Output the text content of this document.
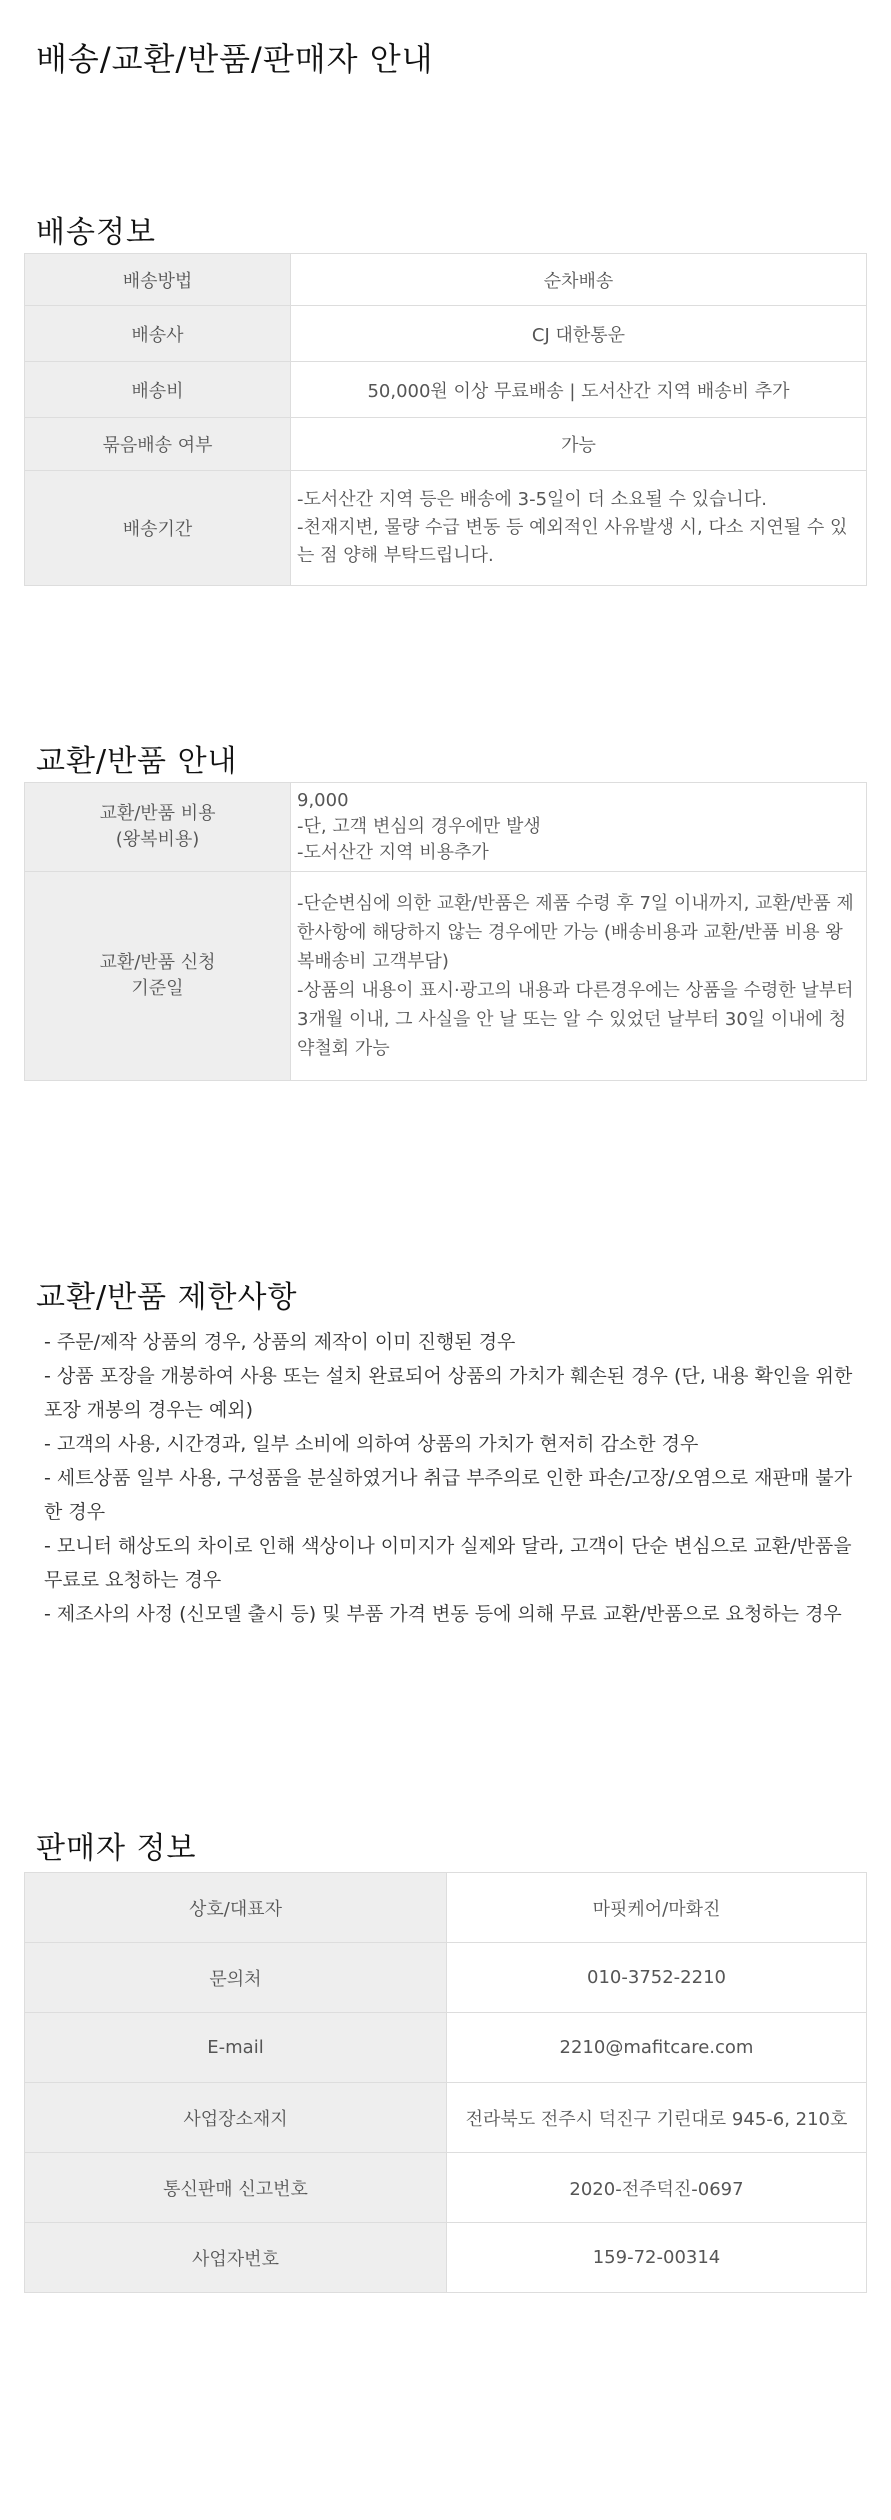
배송/교환/반품/판매자 안내
배송정보
배송방법	순차배송
배송사	CJ 대한통운
배송비	50,000원 이상 무료배송 | 도서산간 지역 배송비 추가
묶음배송 여부	가능
배송기간	-도서산간 지역 등은 배송에 3-5일이 더 소요될 수 있습니다.
-천재지변, 물량 수급 변동 등 예외적인 사유발생 시, 다소 지연될 수 있는 점 양해 부탁드립니다.
교환/반품 안내
교환/반품 비용
(왕복비용)	9,000
-단, 고객 변심의 경우에만 발생
-도서산간 지역 비용추가
교환/반품 신청
기준일	-단순변심에 의한 교환/반품은 제품 수령 후 7일 이내까지, 교환/반품 제한사항에 해당하지 않는 경우에만 가능 (배송비용과 교환/반품 비용 왕복배송비 고객부담)
-상품의 내용이 표시·광고의 내용과 다른경우에는 상품을 수령한 날부터 3개월 이내, 그 사실을 안 날 또는 알 수 있었던 날부터 30일 이내에 청약철회 가능
교환/반품 제한사항
- 주문/제작 상품의 경우, 상품의 제작이 이미 진행된 경우
- 상품 포장을 개봉하여 사용 또는 설치 완료되어 상품의 가치가 훼손된 경우 (단, 내용 확인을 위한 포장 개봉의 경우는 예외)
- 고객의 사용, 시간경과, 일부 소비에 의하여 상품의 가치가 현저히 감소한 경우
- 세트상품 일부 사용, 구성품을 분실하였거나 취급 부주의로 인한 파손/고장/오염으로 재판매 불가한 경우
- 모니터 해상도의 차이로 인해 색상이나 이미지가 실제와 달라, 고객이 단순 변심으로 교환/반품을 무료로 요청하는 경우
- 제조사의 사정 (신모델 출시 등) 및 부품 가격 변동 등에 의해 무료 교환/반품으로 요청하는 경우
판매자 정보
상호/대표자	마핏케어/마화진
문의처	010-3752-2210
E-mail	2210@mafitcare.com
사업장소재지	전라북도 전주시 덕진구 기린대로 945-6, 210호
통신판매 신고번호	2020-전주덕진-0697
사업자번호	159-72-00314
